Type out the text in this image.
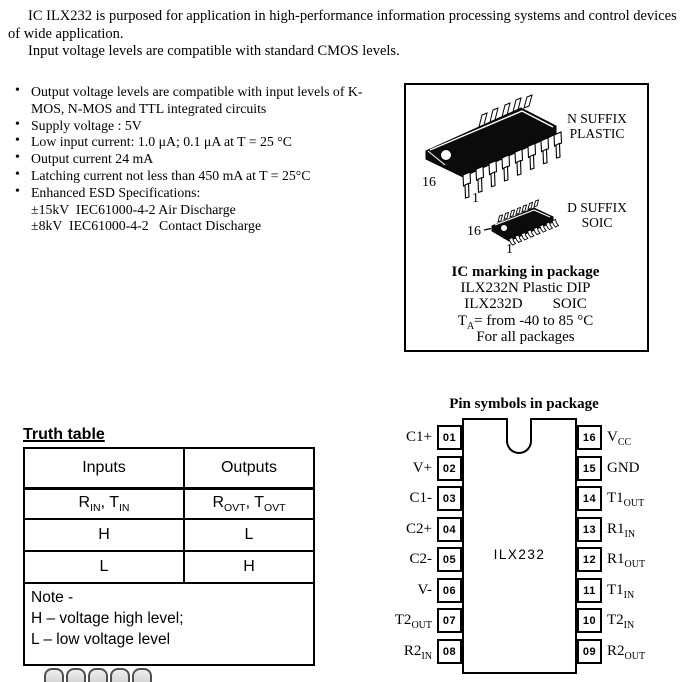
IC ILX232 is purposed for application in high-performance information processing systems and control devices of wide application.

Input voltage levels are compatible with standard CMOS levels.

• Output voltage levels are compatible with input levels of K-MOS, N-MOS and TTL integrated circuits
• Supply voltage : 5V
• Low input current: 1.0 μA; 0.1 μA at T = 25 °C
• Output current 24 mA
• Latching current not less than 450 mA at T = 25°C
• Enhanced ESD Specifications:
±15kV  IEC61000-4-2 Air Discharge
±8kV  IEC61000-4-2   Contact Discharge
16
1
16
1
N SUFFIX
PLASTIC
D SUFFIX
SOIC
IC marking in package
ILX232N Plastic DIP
ILX232D        SOIC
$T_A=$ from -40 to 85 °C
For all packages
Truth table
Inputs	Outputs
$R_{IN}$, $T_{IN}$	$R_{OVT}$, $T_{OVT}$
H	L
L	H

Note -
H – voltage high level;
L – low voltage level	
Pin symbols in package
ILX232
C1+ 01
V+ 02
C1- 03
C2+ 04
C2- 05
V- 06
$T2_{OUT}$ 07
$R2_{IN}$ 08
16 $V_{CC}$
15 GND
14 $T1_{OUT}$
13 $R1_{IN}$
12 $R1_{OUT}$
11 $T1_{IN}$
10 $T2_{IN}$
09 $R2_{OUT}$
